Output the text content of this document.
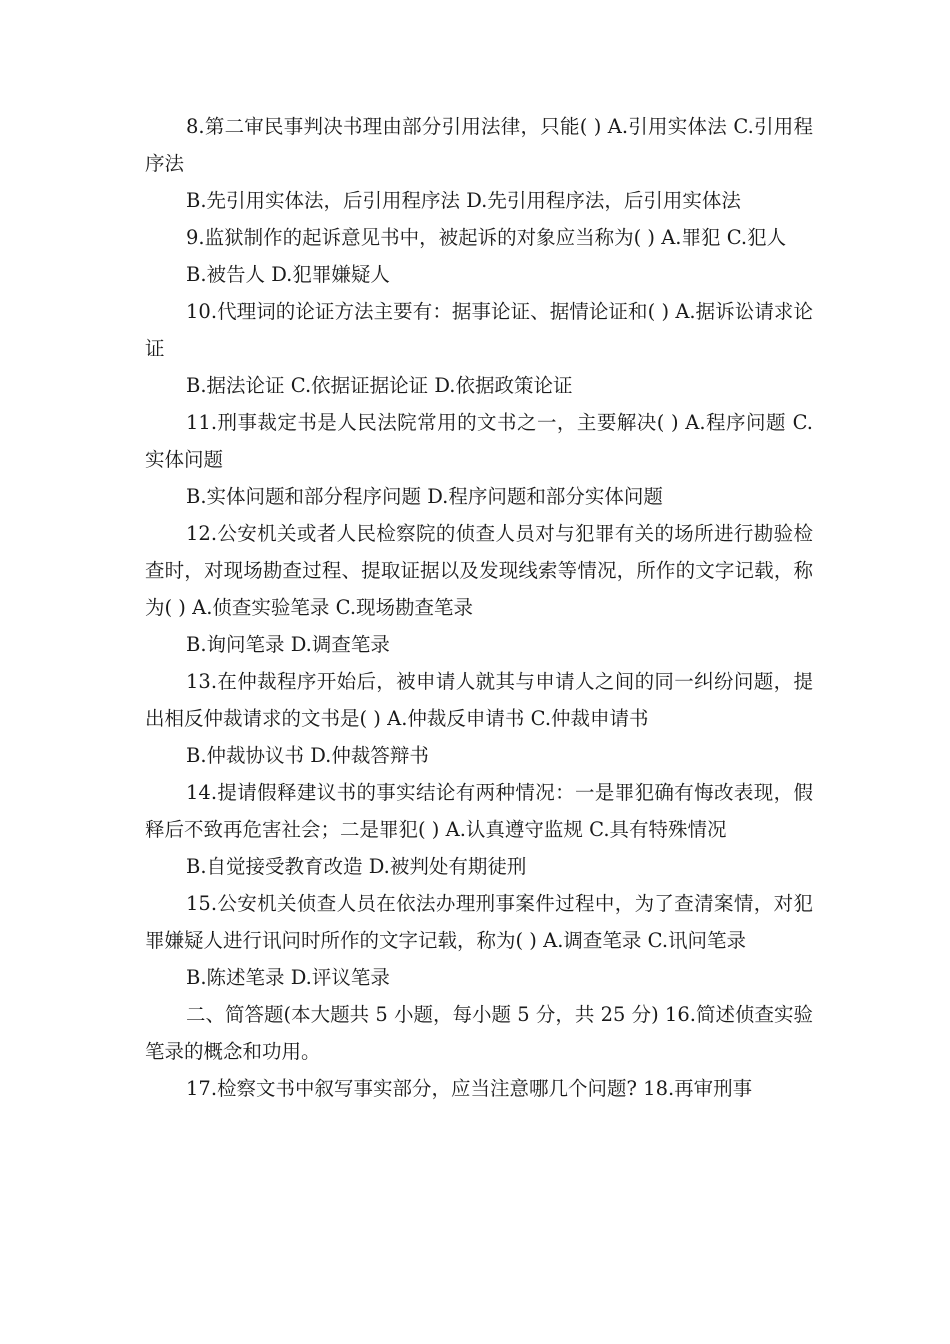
8.第二审民事判决书理由部分引用法律，只能( ) A.引用实体法 C.引用程序法

B.先引用实体法，后引用程序法 D.先引用程序法，后引用实体法

9.监狱制作的起诉意见书中，被起诉的对象应当称为( ) A.罪犯 C.犯人

B.被告人 D.犯罪嫌疑人

10.代理词的论证方法主要有：据事论证、据情论证和( ) A.据诉讼请求论证

B.据法论证 C.依据证据论证 D.依据政策论证

11.刑事裁定书是人民法院常用的文书之一，主要解决( ) A.程序问题 C.实体问题

B.实体问题和部分程序问题 D.程序问题和部分实体问题

12.公安机关或者人民检察院的侦查人员对与犯罪有关的场所进行勘验检查时，对现场勘查过程、提取证据以及发现线索等情况，所作的文字记载，称为( ) A.侦查实验笔录 C.现场勘查笔录

B.询问笔录 D.调查笔录

13.在仲裁程序开始后，被申请人就其与申请人之间的同一纠纷问题，提出相反仲裁请求的文书是( ) A.仲裁反申请书 C.仲裁申请书

B.仲裁协议书 D.仲裁答辩书

14.提请假释建议书的事实结论有两种情况：一是罪犯确有悔改表现，假释后不致再危害社会；二是罪犯( ) A.认真遵守监规 C.具有特殊情况

B.自觉接受教育改造 D.被判处有期徒刑

15.公安机关侦查人员在依法办理刑事案件过程中，为了查清案情，对犯罪嫌疑人进行讯问时所作的文字记载，称为( ) A.调查笔录 C.讯问笔录

B.陈述笔录 D.评议笔录

二、简答题(本大题共 5 小题，每小题 5 分，共 25 分) 16.简述侦查实验笔录的概念和功用。

17.检察文书中叙写事实部分，应当注意哪几个问题? 18.再审刑事
